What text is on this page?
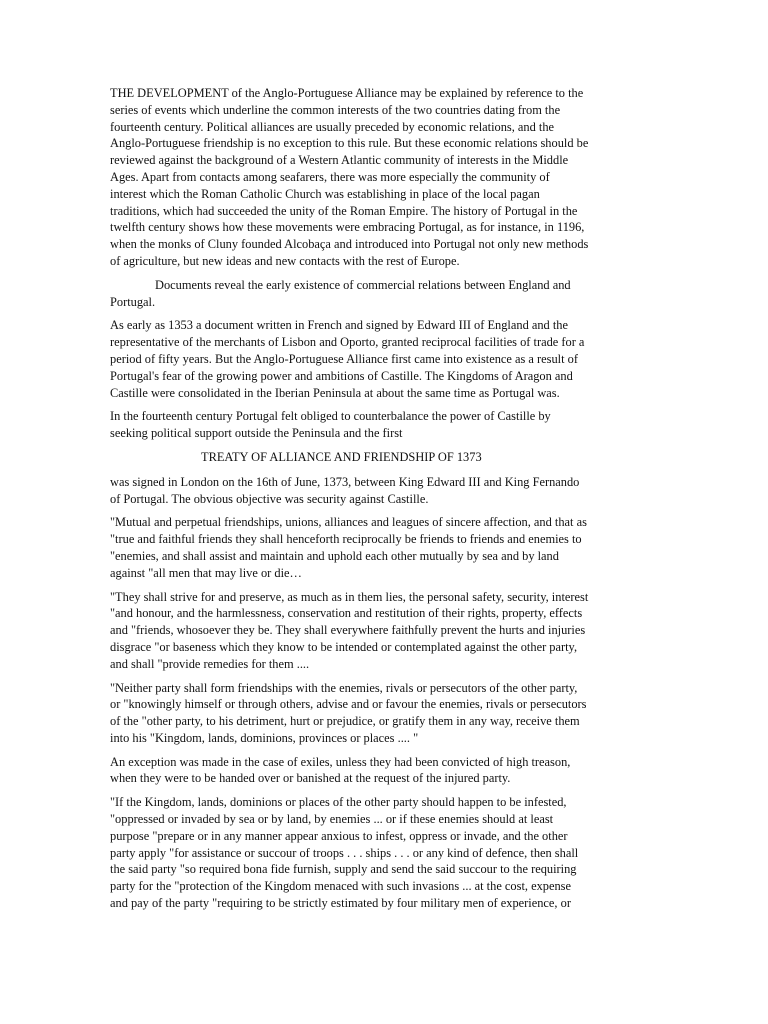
THE DEVELOPMENT of the Anglo-Portuguese Alliance may be explained by reference to the
series of events which underline the common interests of the two countries dating from the
fourteenth century. Political alliances are usually preceded by economic relations, and the
Anglo-Portuguese friendship is no exception to this rule. But these economic relations should be
reviewed against the background of a Western Atlantic community of interests in the Middle
Ages. Apart from contacts among seafarers, there was more especially the community of
interest which the Roman Catholic Church was establishing in place of the local pagan
traditions, which had succeeded the unity of the Roman Empire. The history of Portugal in the
twelfth century shows how these movements were embracing Portugal, as for instance, in 1196,
when the monks of Cluny founded Alcobaça and introduced into Portugal not only new methods
of agriculture, but new ideas and new contacts with the rest of Europe.

Documents reveal the early existence of commercial relations between England and
Portugal.

As early as 1353 a document written in French and signed by Edward III of England and the
representative of the merchants of Lisbon and Oporto, granted reciprocal facilities of trade for a
period of fifty years. But the Anglo-Portuguese Alliance first came into existence as a result of
Portugal's fear of the growing power and ambitions of Castille. The Kingdoms of Aragon and
Castille were consolidated in the Iberian Peninsula at about the same time as Portugal was.

In the fourteenth century Portugal felt obliged to counterbalance the power of Castille by
seeking political support outside the Peninsula and the first

TREATY OF ALLIANCE AND FRIENDSHIP OF 1373

was signed in London on the 16th of June, 1373, between King Edward III and King Fernando
of Portugal. The obvious objective was security against Castille.

"Mutual and perpetual friendships, unions, alliances and leagues of sincere affection, and that as
"true and faithful friends they shall henceforth reciprocally be friends to friends and enemies to
"enemies, and shall assist and maintain and uphold each other mutually by sea and by land
against "all men that may live or die…

"They shall strive for and preserve, as much as in them lies, the personal safety, security, interest
"and honour, and the harmlessness, conservation and restitution of their rights, property, effects
and "friends, whosoever they be. They shall everywhere faithfully prevent the hurts and injuries
disgrace "or baseness which they know to be intended or contemplated against the other party,
and shall "provide remedies for them ....

"Neither party shall form friendships with the enemies, rivals or persecutors of the other party,
or "knowingly himself or through others, advise and or favour the enemies, rivals or persecutors
of the "other party, to his detriment, hurt or prejudice, or gratify them in any way, receive them
into his "Kingdom, lands, dominions, provinces or places .... "

An exception was made in the case of exiles, unless they had been convicted of high treason,
when they were to be handed over or banished at the request of the injured party.

"If the Kingdom, lands, dominions or places of the other party should happen to be infested,
"oppressed or invaded by sea or by land, by enemies ... or if these enemies should at least
purpose "prepare or in any manner appear anxious to infest, oppress or invade, and the other
party apply "for assistance or succour of troops . . . ships . . . or any kind of defence, then shall
the said party "so required bona fide furnish, supply and send the said succour to the requiring
party for the "protection of the Kingdom menaced with such invasions ... at the cost, expense
and pay of the party "requiring to be strictly estimated by four military men of experience, or
